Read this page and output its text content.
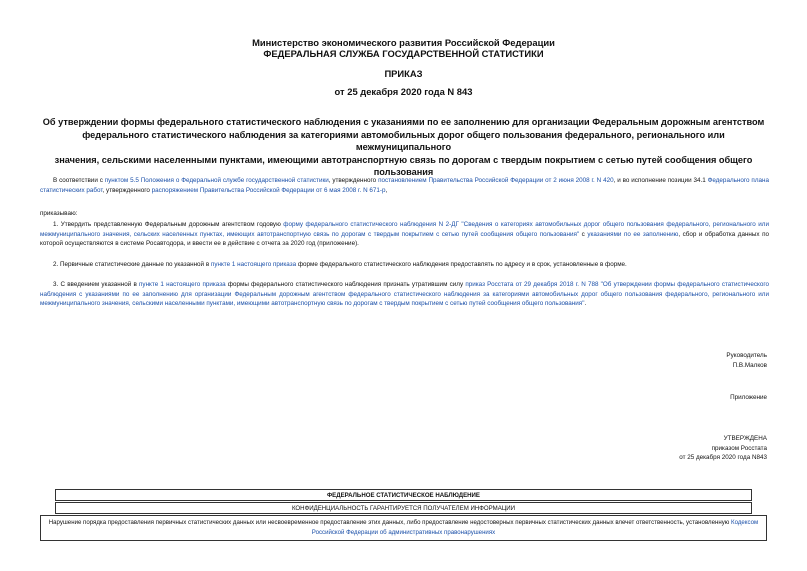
Министерство экономического развития Российской Федерации
ФЕДЕРАЛЬНАЯ СЛУЖБА ГОСУДАРСТВЕННОЙ СТАТИСТИКИ
ПРИКАЗ
от 25 декабря 2020 года N 843
Об утверждении формы федерального статистического наблюдения с указаниями по ее заполнению для организации Федеральным дорожным агентством
федерального статистического наблюдения за категориями автомобильных дорог общего пользования федерального, регионального или межмуниципального
значения, сельскими населенными пунктами, имеющими автотранспортную связь по дорогам с твердым покрытием с сетью путей сообщения общего пользования
В соответствии с пунктом 5.5 Положения о Федеральной службе государственной статистики, утвержденного постановлением Правительства Российской Федерации от 2 июня 2008 г. N 420, и во исполнение позиции 34.1 Федерального плана статистических работ, утвержденного распоряжением Правительства Российской Федерации от 6 мая 2008 г. N 671-р,
приказываю:
1. Утвердить представленную Федеральным дорожным агентством годовую форму федерального статистического наблюдения N 2-ДГ "Сведения о категориях автомобильных дорог общего пользования федерального, регионального или межмуниципального значения, сельских населенных пунктах, имеющих автотранспортную связь по дорогам с твердым покрытием с сетью путей сообщения общего пользования" с указаниями по ее заполнению, сбор и обработка данных по которой осуществляются в системе Росавтодора, и ввести ее в действие с отчета за 2020 год (приложение).
2. Первичные статистические данные по указанной в пункте 1 настоящего приказа форме федерального статистического наблюдения предоставлять по адресу и в срок, установленные в форме.
3. С введением указанной в пункте 1 настоящего приказа формы федерального статистического наблюдения признать утратившим силу приказ Росстата от 29 декабря 2018 г. N 788 "Об утверждении формы федерального статистического наблюдения с указаниями по ее заполнению для организации Федеральным дорожным агентством федерального статистического наблюдения за категориями автомобильных дорог общего пользования федерального, регионального или межмуниципального значения, сельскими населенными пунктами, имеющими автотранспортную связь по дорогам с твердым покрытием с сетью путей сообщения общего пользования".
Руководитель
П.В.Малков
Приложение
УТВЕРЖДЕНА
приказом Росстата
от 25 декабря 2020 года N843
ФЕДЕРАЛЬНОЕ СТАТИСТИЧЕСКОЕ НАБЛЮДЕНИЕ
КОНФИДЕНЦИАЛЬНОСТЬ ГАРАНТИРУЕТСЯ ПОЛУЧАТЕЛЕМ ИНФОРМАЦИИ
Нарушение порядка предоставления первичных статистических данных или несвоевременное предоставление этих данных, либо предоставление недостоверных первичных статистических данных влечет ответственность, установленную Кодексом Российской Федерации об административных правонарушениях
